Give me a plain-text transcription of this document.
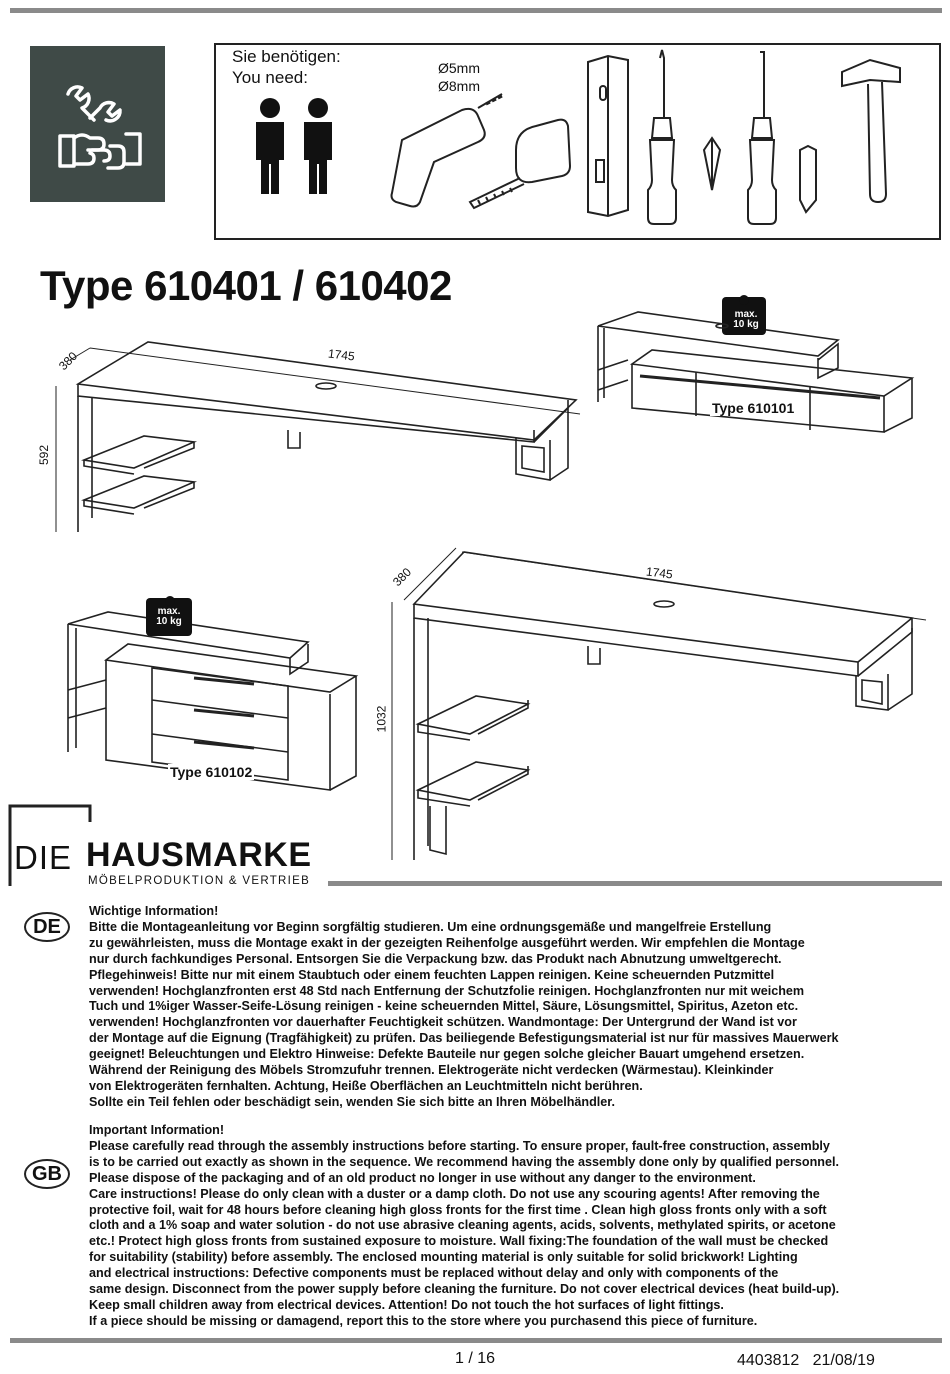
Sie benötigen:
You need:	Ø5mm
Ø8mm
Type 610401 / 610402
Type 610101
Type 610102
max.
10 kg
max.
10 kg
380	1745
592
380	1745
1032
DIE HAUSMARKE
MÖBELPRODUKTION & VERTRIEB
DE
Wichtige Information!
Bitte die Montageanleitung vor Beginn sorgfältig studieren. Um eine ordnungsgemäße und mangelfreie Erstellung
zu gewährleisten, muss die Montage exakt in der gezeigten Reihenfolge ausgeführt werden. Wir empfehlen die Montage
nur durch fachkundiges Personal. Entsorgen Sie die Verpackung bzw. das Produkt nach Abnutzung umweltgerecht.
Pflegehinweis! Bitte nur mit einem Staubtuch oder einem feuchten Lappen reinigen. Keine scheuernden Putzmittel
verwenden! Hochglanzfronten erst 48 Std nach Entfernung der Schutzfolie reinigen. Hochglanzfronten nur mit weichem
Tuch und 1%iger Wasser-Seife-Lösung reinigen - keine scheuernden Mittel, Säure, Lösungsmittel, Spiritus, Azeton etc.
verwenden! Hochglanzfronten vor dauerhafter Feuchtigkeit schützen. Wandmontage: Der Untergrund der Wand ist vor
der Montage auf die Eignung (Tragfähigkeit) zu prüfen. Das beiliegende Befestigungsmaterial ist nur für massives Mauerwerk
geeignet! Beleuchtungen und Elektro Hinweise: Defekte Bauteile nur gegen solche gleicher Bauart umgehend ersetzen.
Während der Reinigung des Möbels Stromzufuhr trennen. Elektrogeräte nicht verdecken (Wärmestau). Kleinkinder
von Elektrogeräten fernhalten. Achtung, Heiße Oberflächen an Leuchtmitteln nicht berühren.
Sollte ein Teil fehlen oder beschädigt sein, wenden Sie sich bitte an Ihren Möbelhändler.
GB
Important Information!
Please carefully read through the assembly instructions before starting. To ensure proper, fault-free construction, assembly
is to be carried out exactly as shown in the sequence. We recommend having the assembly done only by qualified personnel.
Please dispose of the packaging and of an old product no longer in use without any danger to the environment.
Care instructions! Please do only clean with a duster or a damp cloth. Do not use any scouring agents! After removing the
protective foil, wait for 48 hours before cleaning high gloss fronts for the first time . Clean high gloss fronts only with a soft
cloth and a 1% soap and water solution - do not use abrasive cleaning agents, acids, solvents, methylated spirits, or acetone
etc.! Protect high gloss fronts from sustained exposure to moisture. Wall fixing:The foundation of the wall must be checked
for suitability (stability) before assembly. The enclosed mounting material is only suitable for solid brickwork! Lighting
and electrical instructions: Defective components must be replaced without delay and only with components of the
same design. Disconnect from the power supply before cleaning the furniture. Do not cover electrical devices (heat build-up).
Keep small children away from electrical devices. Attention! Do not touch the hot surfaces of light fittings.
If a piece should be missing or damagend, report this to the store where you purchasend this piece of furniture.
1 / 16	4403812   21/08/19
